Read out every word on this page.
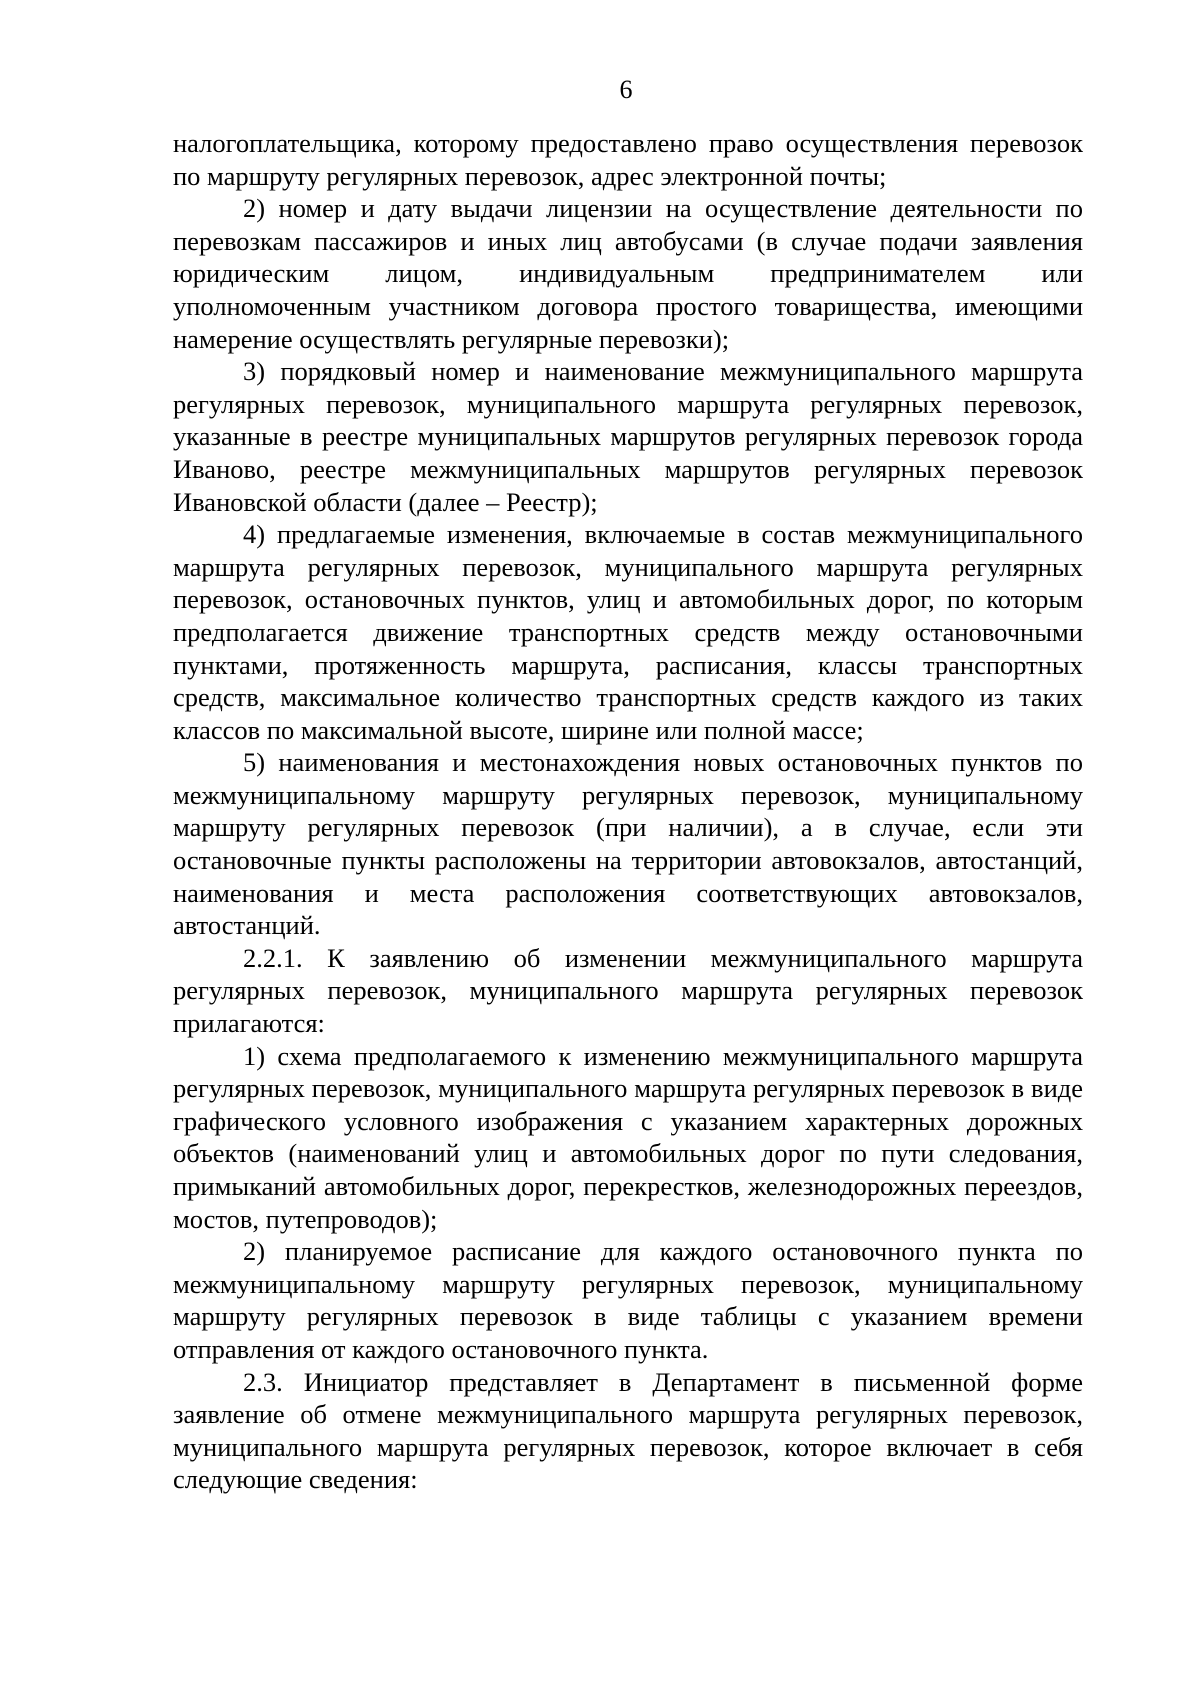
6

налогоплательщика, которому предоставлено право осуществления перевозок по маршруту регулярных перевозок, адрес электронной почты;

2) номер и дату выдачи лицензии на осуществление деятельности по перевозкам пассажиров и иных лиц автобусами (в случае подачи заявления юридическим лицом, индивидуальным предпринимателем или уполномоченным участником договора простого товарищества, имеющими намерение осуществлять регулярные перевозки);

3) порядковый номер и наименование межмуниципального маршрута регулярных перевозок, муниципального маршрута регулярных перевозок, указанные в реестре муниципальных маршрутов регулярных перевозок города Иваново, реестре межмуниципальных маршрутов регулярных перевозок Ивановской области (далее – Реестр);

4) предлагаемые изменения, включаемые в состав межмуниципального маршрута регулярных перевозок, муниципального маршрута регулярных перевозок, остановочных пунктов, улиц и автомобильных дорог, по которым предполагается движение транспортных средств между остановочными пунктами, протяженность маршрута, расписания, классы транспортных средств, максимальное количество транспортных средств каждого из таких классов по максимальной высоте, ширине или полной массе;

5) наименования и местонахождения новых остановочных пунктов по межмуниципальному маршруту регулярных перевозок, муниципальному маршруту регулярных перевозок (при наличии), а в случае, если эти остановочные пункты расположены на территории автовокзалов, автостанций, наименования и места расположения соответствующих автовокзалов, автостанций.

2.2.1. К заявлению об изменении межмуниципального маршрута регулярных перевозок, муниципального маршрута регулярных перевозок прилагаются:

1) схема предполагаемого к изменению межмуниципального маршрута регулярных перевозок, муниципального маршрута регулярных перевозок в виде графического условного изображения с указанием характерных дорожных объектов (наименований улиц и автомобильных дорог по пути следования, примыканий автомобильных дорог, перекрестков, железнодорожных переездов, мостов, путепроводов);

2) планируемое расписание для каждого остановочного пункта по межмуниципальному маршруту регулярных перевозок, муниципальному маршруту регулярных перевозок в виде таблицы с указанием времени отправления от каждого остановочного пункта.

2.3. Инициатор представляет в Департамент в письменной форме заявление об отмене межмуниципального маршрута регулярных перевозок, муниципального маршрута регулярных перевозок, которое включает в себя следующие сведения:
